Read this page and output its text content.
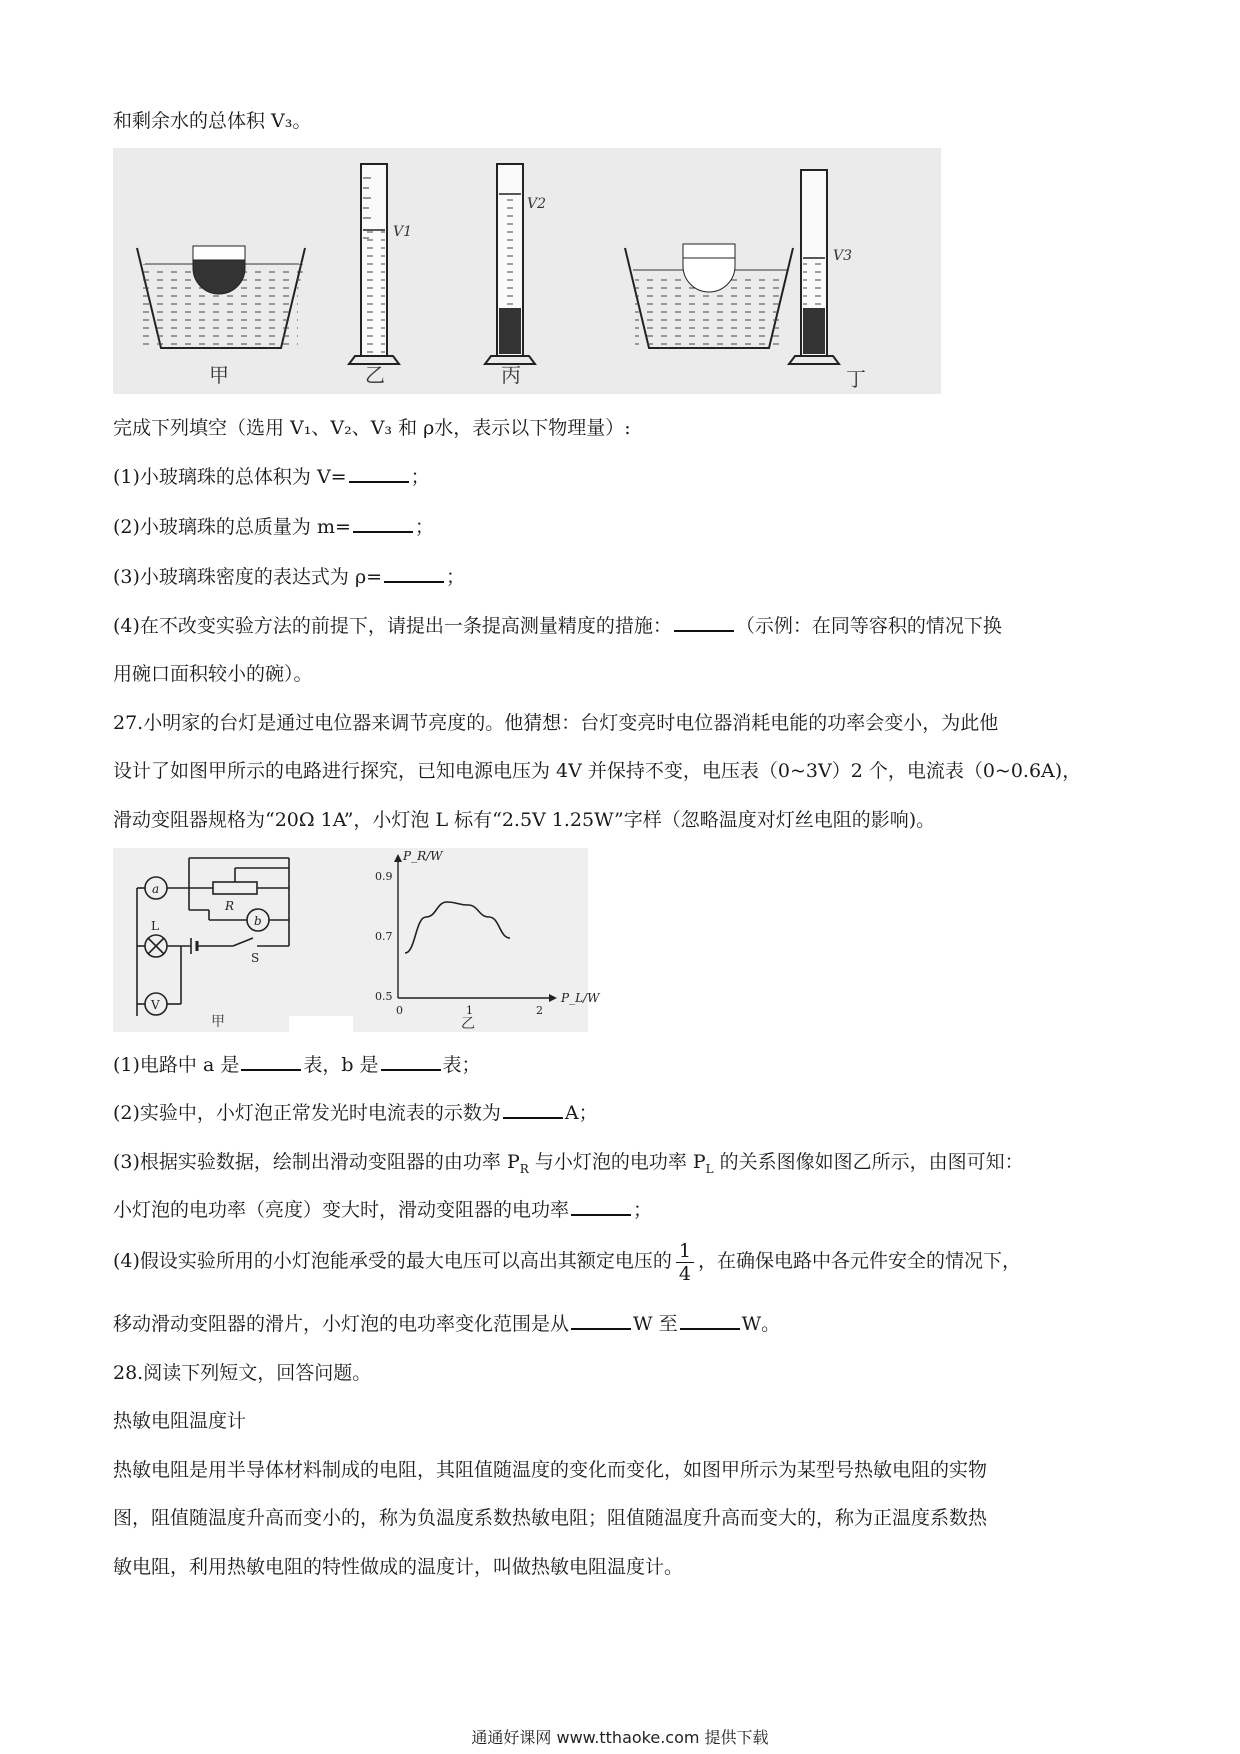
和剩余水的总体积 V₃。
V1
V2
V3
甲	乙	丙	丁
完成下列填空（选用 V₁、V₂、V₃ 和 ρ水，表示以下物理量）:
(1)小玻璃珠的总体积为 V=	；
(2)小玻璃珠的总质量为 m=	；
(3)小玻璃珠密度的表达式为 ρ=	；
(4)在不改变实验方法的前提下，请提出一条提高测量精度的措施：	（示例：在同等容积的情况下换
用碗口面积较小的碗）。
27.小明家的台灯是通过电位器来调节亮度的。他猜想：台灯变亮时电位器消耗电能的功率会变小，为此他
设计了如图甲所示的电路进行探究，已知电源电压为 4V 并保持不变，电压表（0~3V）2 个，电流表（0~0.6A)，
滑动变阻器规格为“20Ω 1A”，小灯泡 L 标有“2.5V 1.25W”字样（忽略温度对灯丝电阻的影响)。
a
b
V
R
L
S
甲
P_R/W
P_L/W
0.9
0.7
0.5
0	1	2
乙
(1)电路中 a 是	表，b 是	表；
(2)实验中，小灯泡正常发光时电流表的示数为	A；
(3)根据实验数据，绘制出滑动变阻器的由功率 $P_R$ 与小灯泡的电功率 $P_L$ 的关系图像如图乙所示，由图可知：
小灯泡的电功率（亮度）变大时，滑动变阻器的电功率	；
(4)假设实验所用的小灯泡能承受的最大电压可以高出其额定电压的 $\frac{1}{4}$ ，在确保电路中各元件安全的情况下，
移动滑动变阻器的滑片，小灯泡的电功率变化范围是从	W 至	W。
28.阅读下列短文，回答问题。
热敏电阻温度计
热敏电阻是用半导体材料制成的电阻，其阻值随温度的变化而变化，如图甲所示为某型号热敏电阻的实物
图，阻值随温度升高而变小的，称为负温度系数热敏电阻；阻值随温度升高而变大的，称为正温度系数热
敏电阻，利用热敏电阻的特性做成的温度计，叫做热敏电阻温度计。
通通好课网 www.tthaoke.com 提供下载
